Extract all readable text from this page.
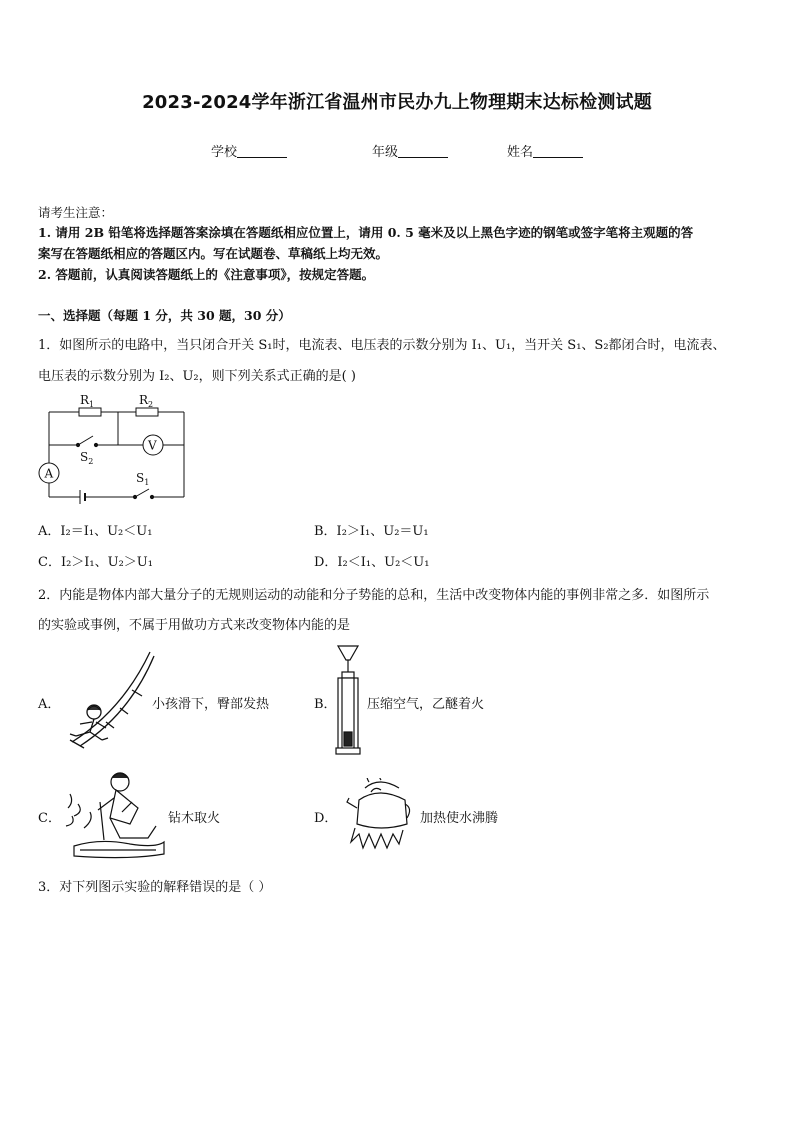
2023-2024学年浙江省温州市民办九上物理期末达标检测试题
学校	年级	姓名
请考生注意：
1. 请用 2B 铅笔将选择题答案涂填在答题纸相应位置上，请用 0. 5 毫米及以上黑色字迹的钢笔或签字笔将主观题的答
案写在答题纸相应的答题区内。写在试题卷、草稿纸上均无效。
2. 答题前，认真阅读答题纸上的《注意事项》，按规定答题。
一、选择题（每题 1 分，共 30 题，30 分）
1．如图所示的电路中，当只闭合开关 S₁时，电流表、电压表的示数分别为 I₁、U₁，当开关 S₁、S₂都闭合时，电流表、
电压表的示数分别为 I₂、U₂，则下列关系式正确的是( )
$R_1$	$R_2$
V
A
$S_2$
$S_1$
A．I₂＝I₁、U₂＜U₁	B．I₂＞I₁、U₂＝U₁
C．I₂＞I₁、U₂＞U₁	D．I₂＜I₁、U₂＜U₁
2．内能是物体内部大量分子的无规则运动的动能和分子势能的总和，生活中改变物体内能的事例非常之多．如图所示
的实验或事例，不属于用做功方式来改变物体内能的是
A．	小孩滑下，臀部发热	B． 压缩空气，乙醚着火
C．	钻木取火	D．	加热使水沸腾
3．对下列图示实验的解释错误的是（ ）
